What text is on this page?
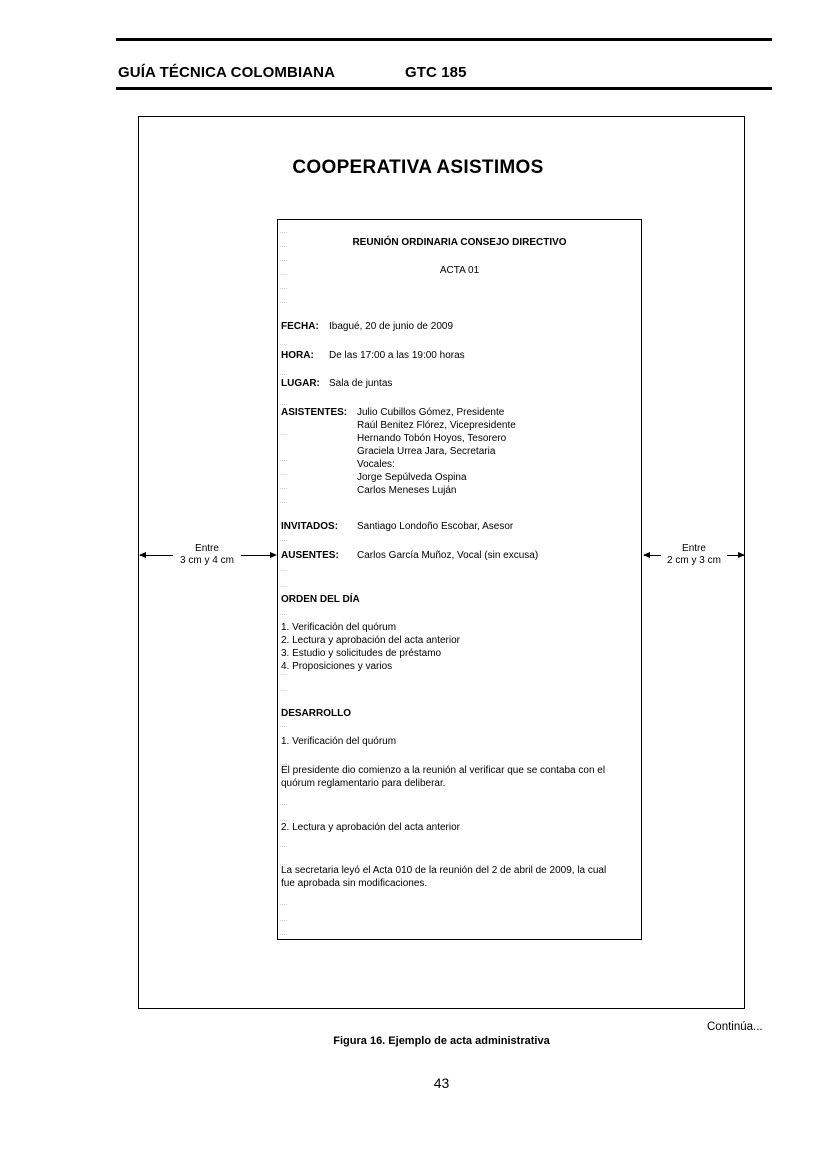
GUÍA TÉCNICA COLOMBIANA	GTC 185
COOPERATIVA ASISTIMOS
REUNIÓN ORDINARIA CONSEJO DIRECTIVO
ACTA 01
FECHA: Ibagué, 20 de junio de 2009
HORA: De las 17:00 a las 19:00 horas
LUGAR: Sala de juntas
ASISTENTES: Julio Cubillos Gómez, Presidente
Raúl Benitez Flórez, Vicepresidente
Hernando Tobón Hoyos, Tesorero
Graciela Urrea Jara, Secretaria
Vocales:
Jorge Sepúlveda Ospina
Carlos Meneses Luján
INVITADOS: Santiago Londoño Escobar, Asesor
AUSENTES: Carlos García Muñoz, Vocal (sin excusa)
ORDEN DEL DÍA
1. Verificación del quórum
2. Lectura y aprobación del acta anterior
3. Estudio y solicitudes de préstamo
4. Proposiciones y varios
DESARROLLO
1. Verificación del quórum
El presidente dio comienzo a la reunión al verificar que se contaba con el
quórum reglamentario para deliberar.
2. Lectura y aprobación del acta anterior
La secretaria leyó el Acta 010 de la reunión del 2 de abril de 2009, la cual
fue aprobada sin modificaciones.
Entre
3 cm y 4 cm
Entre
2 cm y 3 cm
Continúa...
Figura 16. Ejemplo de acta administrativa
43
